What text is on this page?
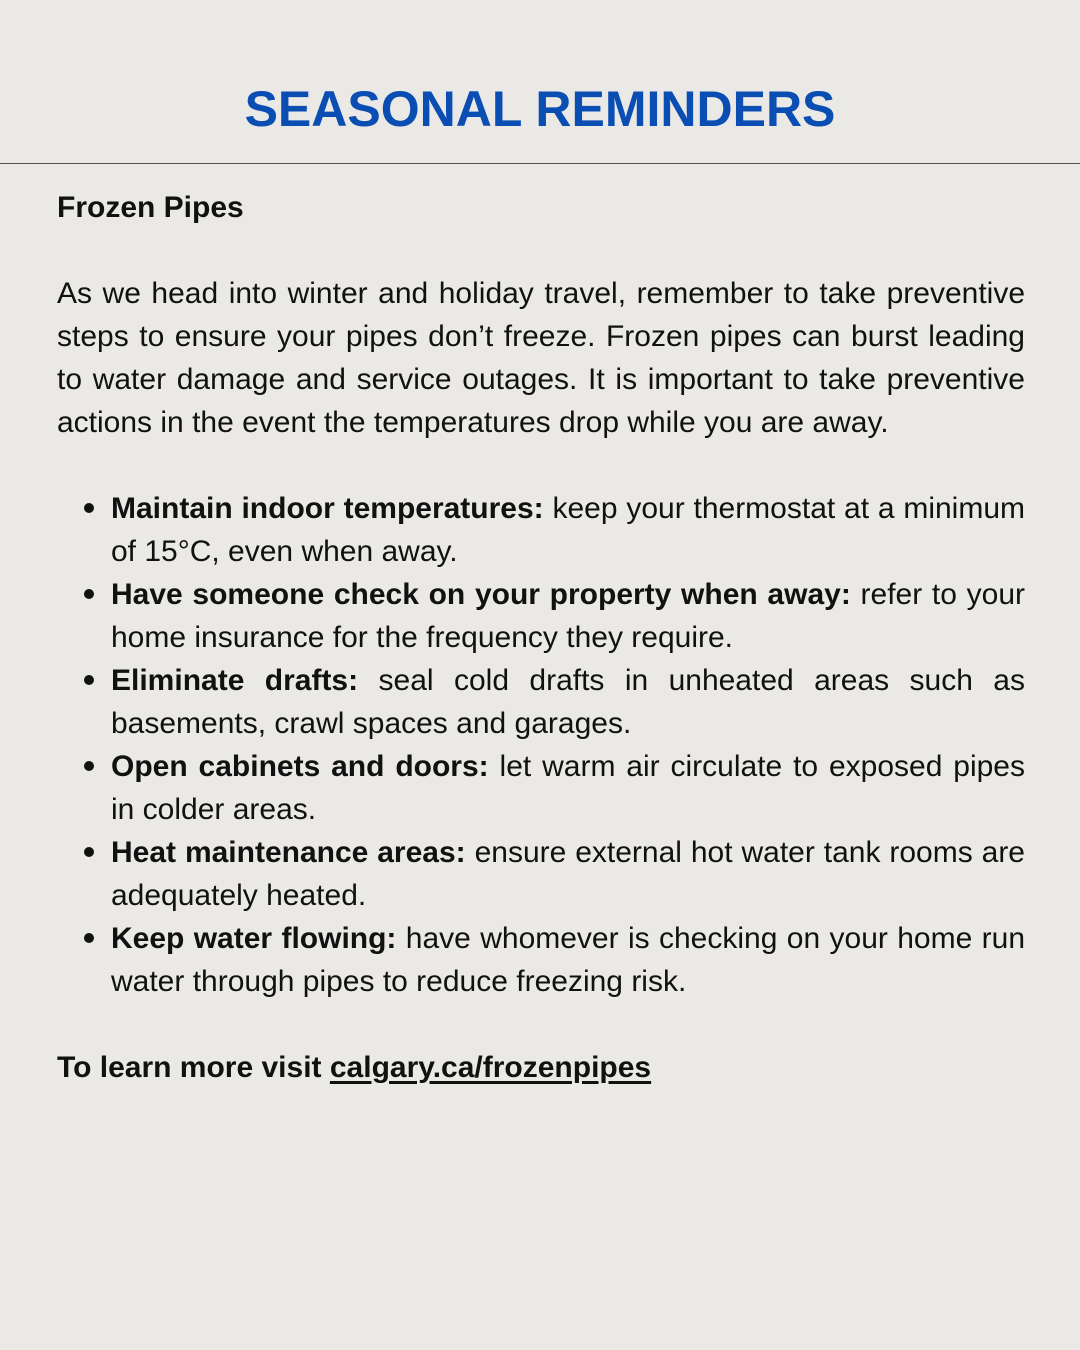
SEASONAL REMINDERS

Frozen Pipes

As we head into winter and holiday travel, remember to take preventive steps to ensure your pipes don’t freeze. Frozen pipes can burst leading to water damage and service outages. It is important to take preventive actions in the event the temperatures drop while you are away.

Maintain indoor temperatures: keep your thermostat at a minimum of 15°C, even when away.
Have someone check on your property when away: refer to your home insurance for the frequency they require.
Eliminate drafts: seal cold drafts in unheated areas such as basements, crawl spaces and garages.
Open cabinets and doors: let warm air circulate to exposed pipes in colder areas.
Heat maintenance areas: ensure external hot water tank rooms are adequately heated.
Keep water flowing: have whomever is checking on your home run water through pipes to reduce freezing risk.

To learn more visit calgary.ca/frozenpipes
